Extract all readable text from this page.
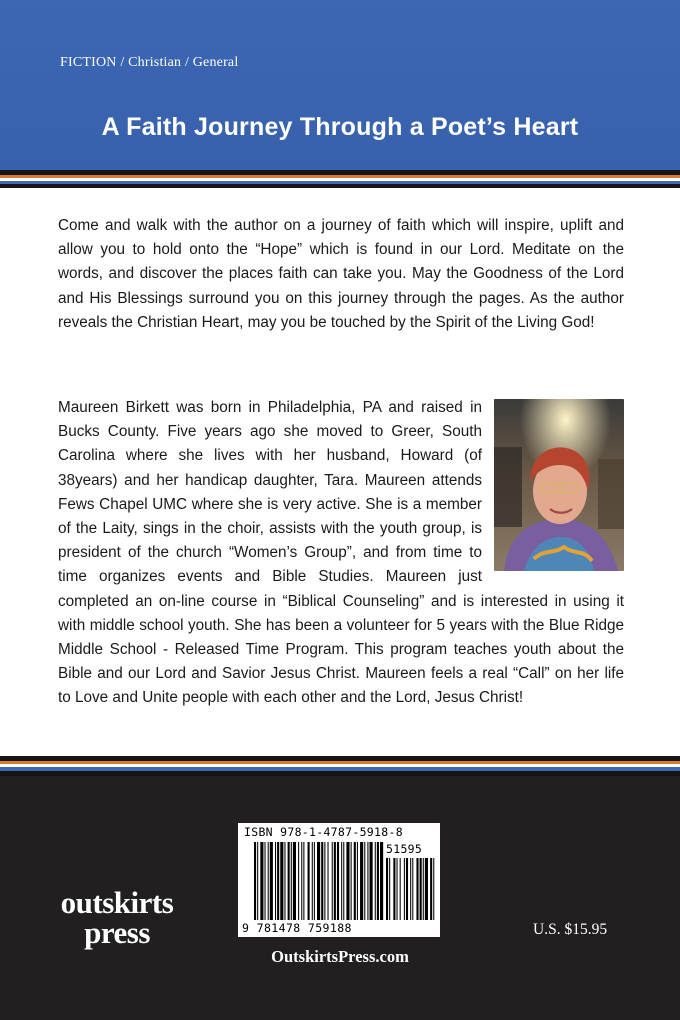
FICTION / Christian / General
A Faith Journey Through a Poet’s Heart

Come and walk with the author on a journey of faith which will inspire, uplift and allow you to hold onto the “Hope” which is found in our Lord. Meditate on the words, and discover the places faith can take you. May the Goodness of the Lord and His Blessings surround you on this journey through the pages. As the author reveals the Christian Heart, may you be touched by the Spirit of the Living God!

Maureen Birkett was born in Philadelphia, PA and raised in Bucks County. Five years ago she moved to Greer, South Carolina where she lives with her husband, Howard (of 38years) and her handicap daughter, Tara. Maureen attends Fews Chapel UMC where she is very active. She is a member of the Laity, sings in the choir, assists with the youth group, is president of the church “Women’s Group”, and from time to time organizes events and Bible Studies. Maureen just completed an on-line course in “Biblical Counseling” and is interested in using it with middle school youth. She has been a volunteer for 5 years with the Blue Ridge Middle School - Released Time Program. This program teaches youth about the Bible and our Lord and Savior Jesus Christ. Maureen feels a real “Call” on her life to Love and Unite people with each other and the Lord, Jesus Christ!
ISBN 978-1-4787-5918-8
51595
9 781478 759188
outskirts
press	U.S. $15.95
OutskirtsPress.com
